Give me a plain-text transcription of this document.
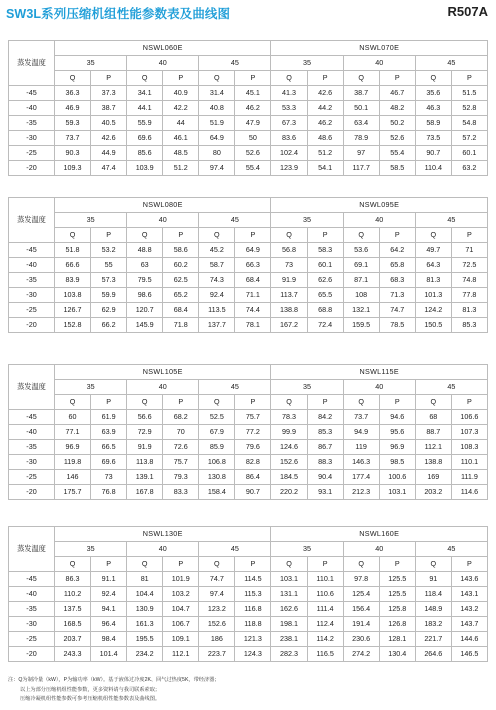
SW3L系列压缩机组性能参数表及曲线图	R507A
蒸发温度	NSWL060E						NSWL070E					
	35		40		45		35		40		45	
	Q	P	Q	P	Q	P	Q	P	Q	P	Q	P
-45	36.3	37.3	34.1	40.9	31.4	45.1	41.3	42.6	38.7	46.7	35.6	51.5
-40	46.9	38.7	44.1	42.2	40.8	46.2	53.3	44.2	50.1	48.2	46.3	52.8
-35	59.3	40.5	55.9	44	51.9	47.9	67.3	46.2	63.4	50.2	58.9	54.8
-30	73.7	42.6	69.6	46.1	64.9	50	83.6	48.6	78.9	52.6	73.5	57.2
-25	90.3	44.9	85.6	48.5	80	52.6	102.4	51.2	97	55.4	90.7	60.1
-20	109.3	47.4	103.9	51.2	97.4	55.4	123.9	54.1	117.7	58.5	110.4	63.2
蒸发温度	NSWL080E						NSWL095E					
	35		40		45		35		40		45	
	Q	P	Q	P	Q	P	Q	P	Q	P	Q	P
-45	51.8	53.2	48.8	58.6	45.2	64.9	56.8	58.3	53.6	64.2	49.7	71
-40	66.6	55	63	60.2	58.7	66.3	73	60.1	69.1	65.8	64.3	72.5
-35	83.9	57.3	79.5	62.5	74.3	68.4	91.9	62.6	87.1	68.3	81.3	74.8
-30	103.8	59.9	98.6	65.2	92.4	71.1	113.7	65.5	108	71.3	101.3	77.8
-25	126.7	62.9	120.7	68.4	113.5	74.4	138.8	68.8	132.1	74.7	124.2	81.3
-20	152.8	66.2	145.9	71.8	137.7	78.1	167.2	72.4	159.5	78.5	150.5	85.3
蒸发温度	NSWL105E						NSWL115E					
	35		40		45		35		40		45	
	Q	P	Q	P	Q	P	Q	P	Q	P	Q	P
-45	60	61.9	56.6	68.2	52.5	75.7	78.3	84.2	73.7	94.6	68	106.6
-40	77.1	63.9	72.9	70	67.9	77.2	99.9	85.3	94.9	95.6	88.7	107.3
-35	96.9	66.5	91.9	72.6	85.9	79.6	124.6	86.7	119	96.9	112.1	108.3
-30	119.8	69.6	113.8	75.7	106.8	82.8	152.6	88.3	146.3	98.5	138.8	110.1
-25	146	73	139.1	79.3	130.8	86.4	184.5	90.4	177.4	100.6	169	111.9
-20	175.7	76.8	167.8	83.3	158.4	90.7	220.2	93.1	212.3	103.1	203.2	114.6
蒸发温度	NSWL130E						NSWL160E					
	35		40		45		35		40		45	
	Q	P	Q	P	Q	P	Q	P	Q	P	Q	P
-45	86.3	91.1	81	101.9	74.7	114.5	103.1	110.1	97.8	125.5	91	143.6
-40	110.2	92.4	104.4	103.2	97.4	115.3	131.1	110.6	125.4	125.5	118.4	143.1
-35	137.5	94.1	130.9	104.7	123.2	116.8	162.6	111.4	156.4	125.8	148.9	143.2
-30	168.5	96.4	161.3	106.7	152.6	118.8	198.1	112.4	191.4	126.8	183.2	143.7
-25	203.7	98.4	195.5	109.1	186	121.3	238.1	114.2	230.6	128.1	221.7	144.6
-20	243.3	101.4	234.2	112.1	223.7	124.3	282.3	116.5	274.2	130.4	264.6	146.5
注：Q为制冷量（kW），P为输功率（kW）。基于液体过冷度2K、回气过热度5K，带经济器；
以上为部分压缩机组性能参数，更多资料请与我司联系索取；
压缩冷凝机组性能参数可参考压缩机组性能参数表及曲线图。
